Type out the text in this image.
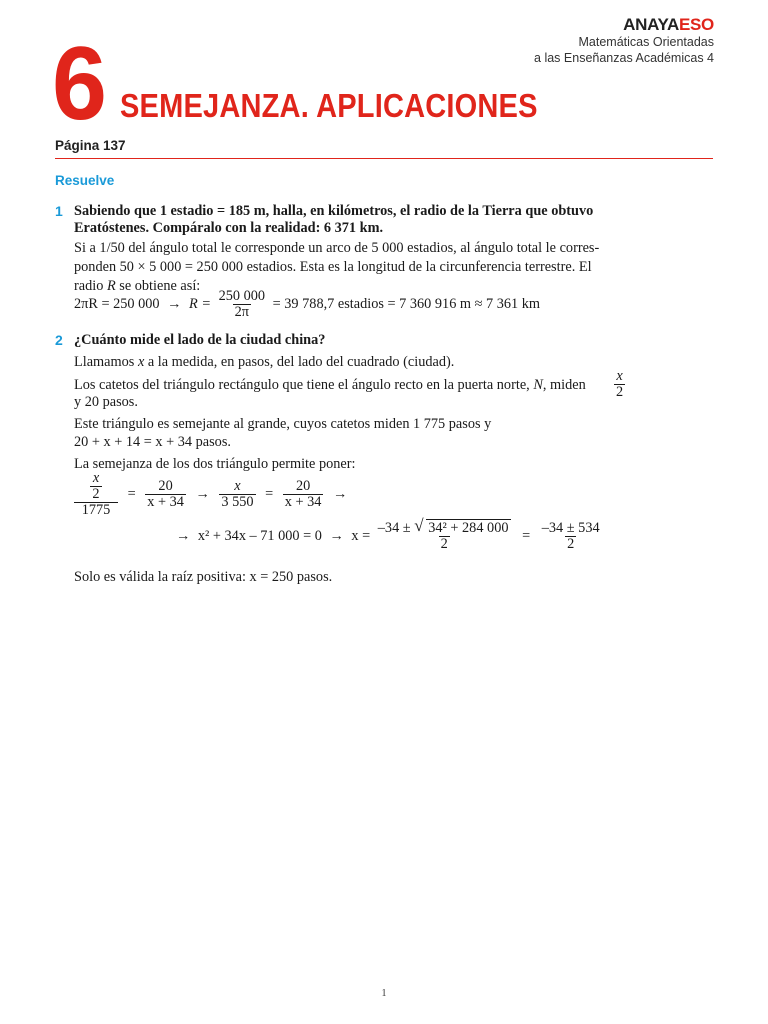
ANAYAESO
Matemáticas Orientadas
a las Enseñanzas Académicas 4
6 SEMEJANZA. APLICACIONES
Página 137
Resuelve
1 Sabiendo que 1 estadio = 185 m, halla, en kilómetros, el radio de la Tierra que obtuvo
Eratóstenes. Compáralo con la realidad: 6 371 km.
Si a 1/50 del ángulo total le corresponde un arco de 5 000 estadios, al ángulo total le corres-
ponden 50 × 5 000 = 250 000 estadios. Esta es la longitud de la circunferencia terrestre. El
radio R se obtiene así:
2πR = 250 $000 \to R = \frac{250 000}{2\pi} = 39$ 788,7 estadios = 7 360 916 m ≈ 7 361 km
2 ¿Cuánto mide el lado de la ciudad china?
Llamamos x a la medida, en pasos, del lado del cuadrado (ciudad).
Los catetos del triángulo rectángulo que tiene el ángulo recto en la puerta norte, N, miden $\frac{x}{2}$
y 20 pasos.
Este triángulo es semejante al grande, cuyos catetos miden 1 775 pasos y
20 + x + 14 = x + 34 pasos.
La semejanza de los dos triángulo permite poner:
$\frac{\frac{x}{2}}{1775} = \frac{20}{x + 34} \to \frac{x}{3 550} = \frac{20}{x + 34}$ →
→ x² + 34x – 71 $000 = 0 \to x = \frac{\text{–34 ± √ 34² + 284 000}}{2} = \frac{-34 \pm 534}{2}$
Solo es válida la raíz positiva: x = 250 pasos.
1
